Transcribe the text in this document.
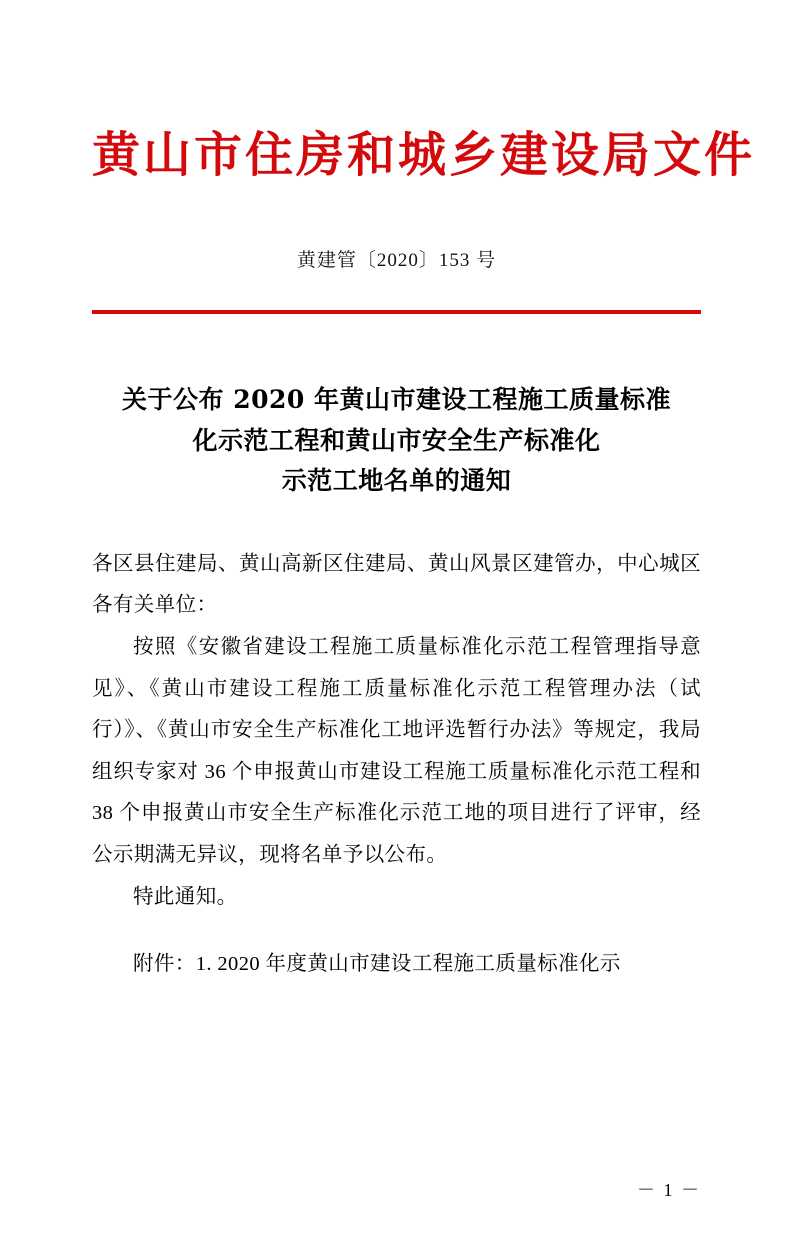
黄山市住房和城乡建设局文件
黄建管〔2020〕153 号
关于公布 2020 年黄山市建设工程施工质量标准
化示范工程和黄山市安全生产标准化
示范工地名单的通知

各区县住建局、黄山高新区住建局、黄山风景区建管办，中心城区各有关单位：

按照《安徽省建设工程施工质量标准化示范工程管理指导意见》、《黄山市建设工程施工质量标准化示范工程管理办法（试行）》、《黄山市安全生产标准化工地评选暂行办法》等规定，我局组织专家对 36 个申报黄山市建设工程施工质量标准化示范工程和 38 个申报黄山市安全生产标准化示范工地的项目进行了评审，经公示期满无异议，现将名单予以公布。

特此通知。

附件：1. 2020 年度黄山市建设工程施工质量标准化示
－ 1 －
